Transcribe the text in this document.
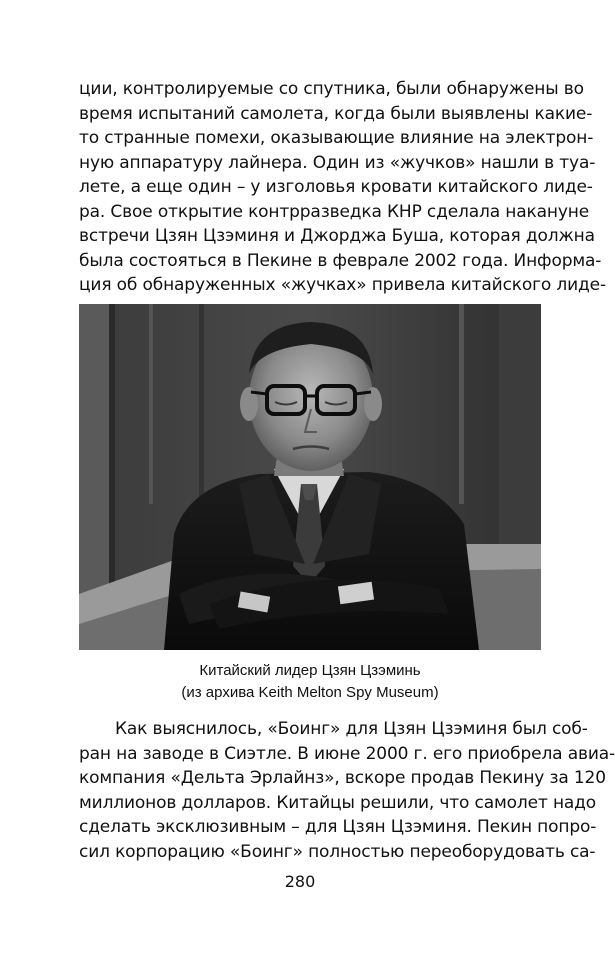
ции, контролируемые со спутника, были обнаружены во
время испытаний самолета, когда были выявлены какие-
то странные помехи, оказывающие влияние на электрон-
ную аппаратуру лайнера. Один из «жучков» нашли в туа-
лете, а еще один – у изголовья кровати китайского лиде-
ра. Свое открытие контрразведка КНР сделала накануне
встречи Цзян Цзэминя и Джорджа Буша, которая должна
была состояться в Пекине в феврале 2002 года. Информа-
ция об обнаруженных «жучках» привела китайского лиде-
Китайский лидер Цзян Цзэминь
(из архива Keith Melton Spy Museum)
Как выяснилось, «Боинг» для Цзян Цзэминя был соб-
ран на заводе в Сиэтле. В июне 2000 г. его приобрела авиа-
компания «Дельта Эрлайнз», вскоре продав Пекину за 120
миллионов долларов. Китайцы решили, что самолет надо
сделать эксклюзивным – для Цзян Цзэминя. Пекин попро-
сил корпорацию «Боинг» полностью переоборудовать са-
280
